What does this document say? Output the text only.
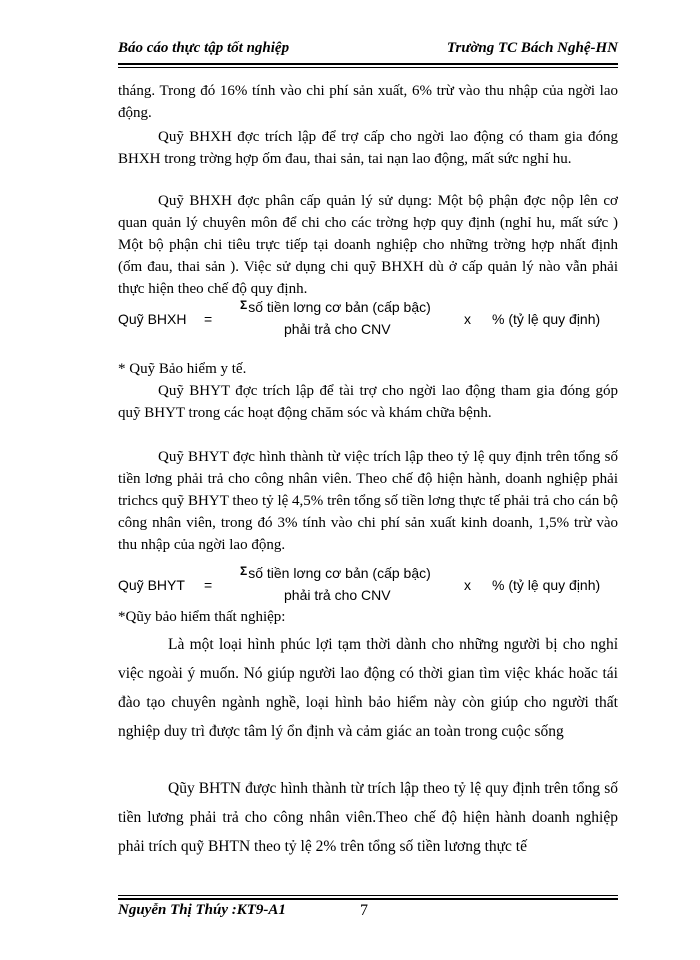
Báo cáo thực tập tốt nghiệp	Trường TC Bách Nghệ-HN

tháng. Trong đó 16% tính vào chi phí sản xuất, 6% trừ vào thu nhập của ngời lao động.

Quỹ BHXH đợc trích lập để trợ cấp cho ngời lao động có tham gia đóng BHXH trong trờng hợp ốm đau, thai sản, tai nạn lao động, mất sức nghỉ hu.

Quỹ BHXH đợc phân cấp quản lý sử dụng: Một bộ phận đợc nộp lên cơ quan quản lý chuyên môn để chi cho các trờng hợp quy định (nghỉ hu, mất sức ) Một bộ phận chi tiêu trực tiếp tại doanh nghiệp cho những trờng hợp nhất định (ốm đau, thai sản ). Việc sử dụng chi quỹ BHXH dù ở cấp quản lý nào vẫn phải thực hiện theo chế độ quy định.

Quỹ BHXH =
Σsố tiền lơng cơ bản (cấp bậc)
phải trả cho CNV
x % (tỷ lệ quy định)

* Quỹ Bảo hiểm y tế.

Quỹ BHYT đợc trích lập để tài trợ cho ngời lao động tham gia đóng góp quỹ BHYT trong các hoạt động chăm sóc và khám chữa bệnh.

Quỹ BHYT đợc hình thành từ việc trích lập theo tỷ lệ quy định trên tổng số tiền lơng phải trả cho công nhân viên. Theo chế độ hiện hành, doanh nghiệp phải trichcs quỹ BHYT theo tỷ lệ 4,5% trên tổng số tiền lơng thực tế phải trả cho cán bộ công nhân viên, trong đó 3% tính vào chi phí sản xuất kinh doanh, 1,5% trừ vào thu nhập của ngời lao động.

Quỹ BHYT =
Σsố tiền lơng cơ bản (cấp bậc)
phải trả cho CNV
x % (tỷ lệ quy định)

*Qũy bảo hiểm thất nghiệp:

Là một loại hình phúc lợi tạm thời dành cho những người bị cho nghỉ việc ngoài ý muốn. Nó giúp người lao động có thời gian tìm việc khác hoăc tái đào tạo chuyên ngành nghề, loại hình bảo hiểm này còn giúp cho người thất nghiệp duy trì được tâm lý ổn định và cảm giác an toàn trong cuộc sống

Qũy BHTN được hình thành từ trích lập theo tỷ lệ quy định trên tổng số tiền lương phải trả cho công nhân viên.Theo chế độ hiện hành doanh nghiệp phải trích quỹ BHTN theo tỷ lệ 2% trên tổng số tiền lương thực tế

Nguyễn Thị Thúy :KT9-A1	7
